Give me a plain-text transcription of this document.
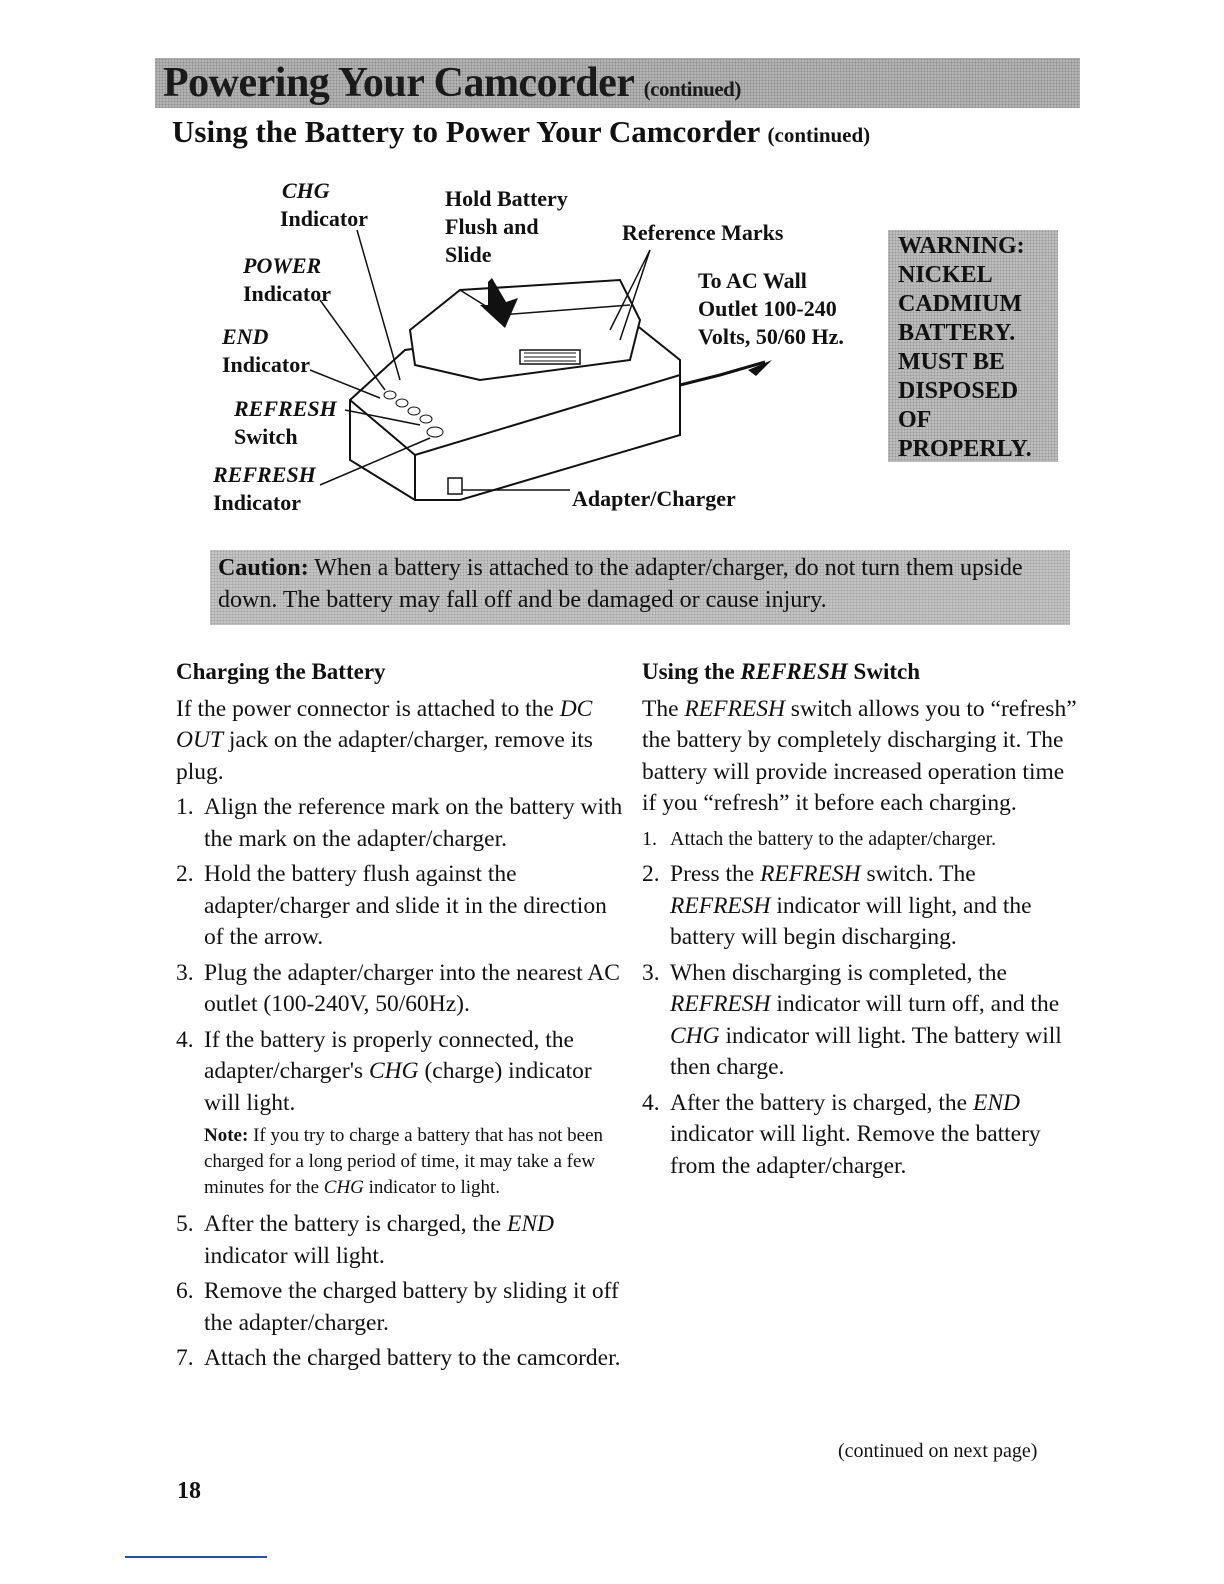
Powering Your Camcorder (continued)
Using the Battery to Power Your Camcorder (continued)
CHG
Indicator
Hold Battery
Flush and
Slide
Reference Marks
POWER
Indicator
To AC Wall
Outlet 100-240
Volts, 50/60 Hz.
END
Indicator
REFRESH
Switch
REFRESH
Indicator	Adapter/Charger
WARNING:
NICKEL
CADMIUM
BATTERY.
MUST BE
DISPOSED
OF
PROPERLY.
Caution: When a battery is attached to the adapter/charger, do not turn them upside down. The battery may fall off and be damaged or cause injury.
Charging the Battery

If the power connector is attached to the DC OUT jack on the adapter/charger, remove its plug.

1. Align the reference mark on the battery with the mark on the adapter/charger.
2. Hold the battery flush against the adapter/charger and slide it in the direction of the arrow.
3. Plug the adapter/charger into the nearest AC outlet (100-240V, 50/60Hz).
4. If the battery is properly connected, the adapter/charger's CHG (charge) indicator will light.
Note: If you try to charge a battery that has not been charged for a long period of time, it may take a few minutes for the CHG indicator to light.
5. After the battery is charged, the END indicator will light.
6. Remove the charged battery by sliding it off the adapter/charger.
7. Attach the charged battery to the camcorder.
Using the REFRESH Switch

The REFRESH switch allows you to “refresh” the battery by completely discharging it. The battery will provide increased operation time if you “refresh” it before each charging.

1. Attach the battery to the adapter/charger.
2. Press the REFRESH switch. The REFRESH indicator will light, and the battery will begin discharging.
3. When discharging is completed, the REFRESH indicator will turn off, and the CHG indicator will light. The battery will then charge.
4. After the battery is charged, the END indicator will light. Remove the battery from the adapter/charger.
(continued on next page)
18
